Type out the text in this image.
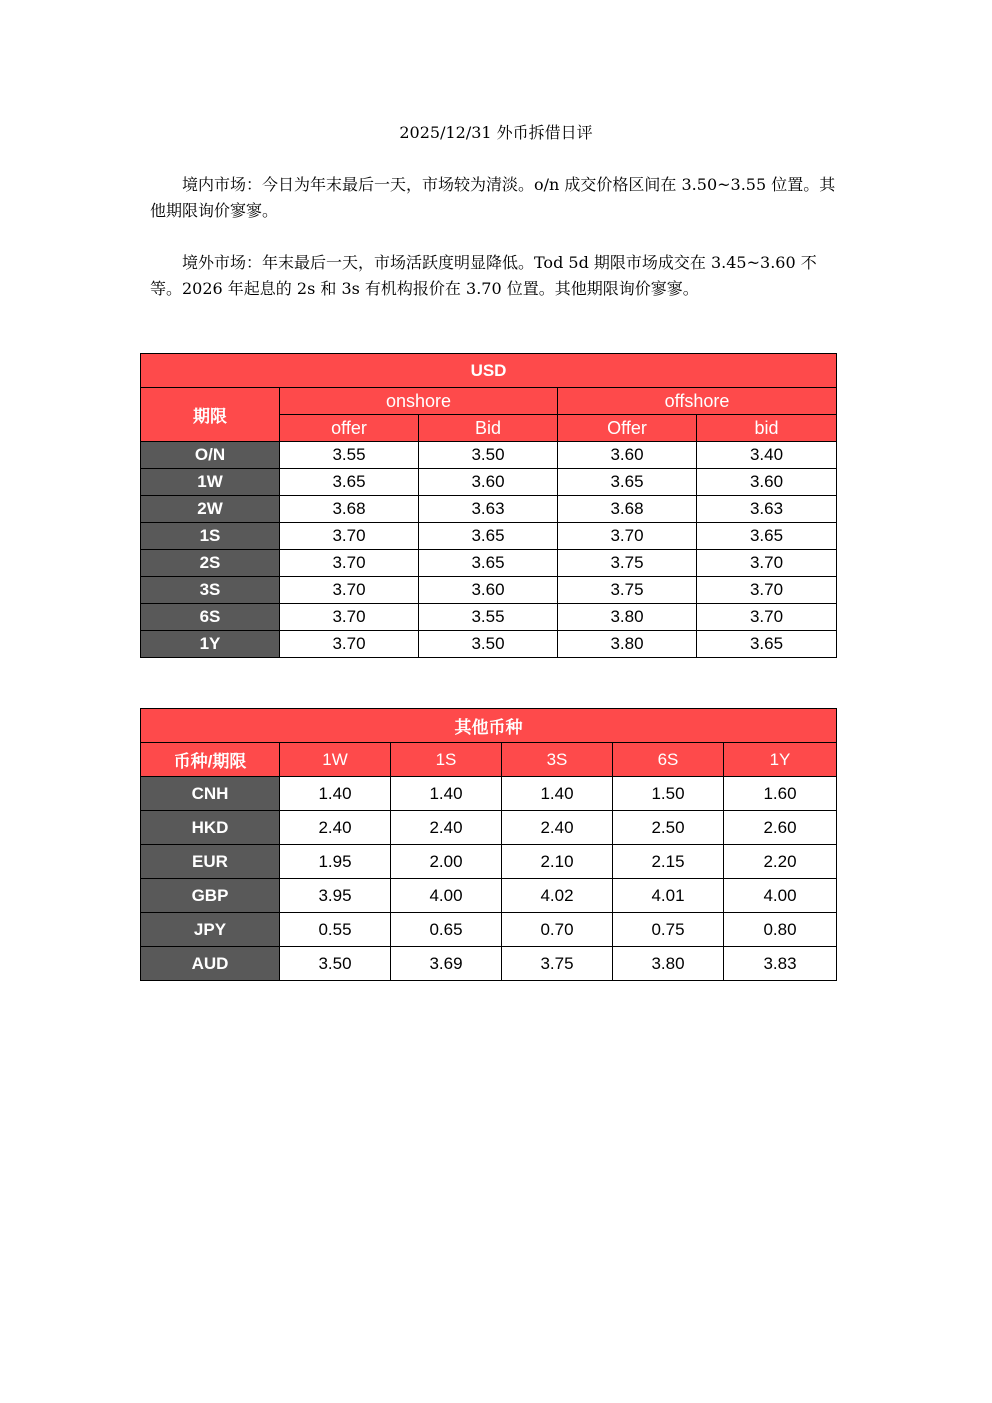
2025/12/31 外币拆借日评
境内市场：今日为年末最后一天，市场较为清淡。o/n 成交价格区间在 3.50~3.55 位置。其他期限询价寥寥。
境外市场：年末最后一天，市场活跃度明显降低。Tod 5d 期限市场成交在 3.45~3.60 不等。2026 年起息的 2s 和 3s 有机构报价在 3.70 位置。其他期限询价寥寥。
USD				
期限	onshore		offshore	
	offer	Bid	Offer	bid
O/N	3.55	3.50	3.60	3.40
1W	3.65	3.60	3.65	3.60
2W	3.68	3.63	3.68	3.63
1S	3.70	3.65	3.70	3.65
2S	3.70	3.65	3.75	3.70
3S	3.70	3.60	3.75	3.70
6S	3.70	3.55	3.80	3.70
1Y	3.70	3.50	3.80	3.65
其他币种					
币种/期限	1W	1S	3S	6S	1Y
CNH	1.40	1.40	1.40	1.50	1.60
HKD	2.40	2.40	2.40	2.50	2.60
EUR	1.95	2.00	2.10	2.15	2.20
GBP	3.95	4.00	4.02	4.01	4.00
JPY	0.55	0.65	0.70	0.75	0.80
AUD	3.50	3.69	3.75	3.80	3.83
